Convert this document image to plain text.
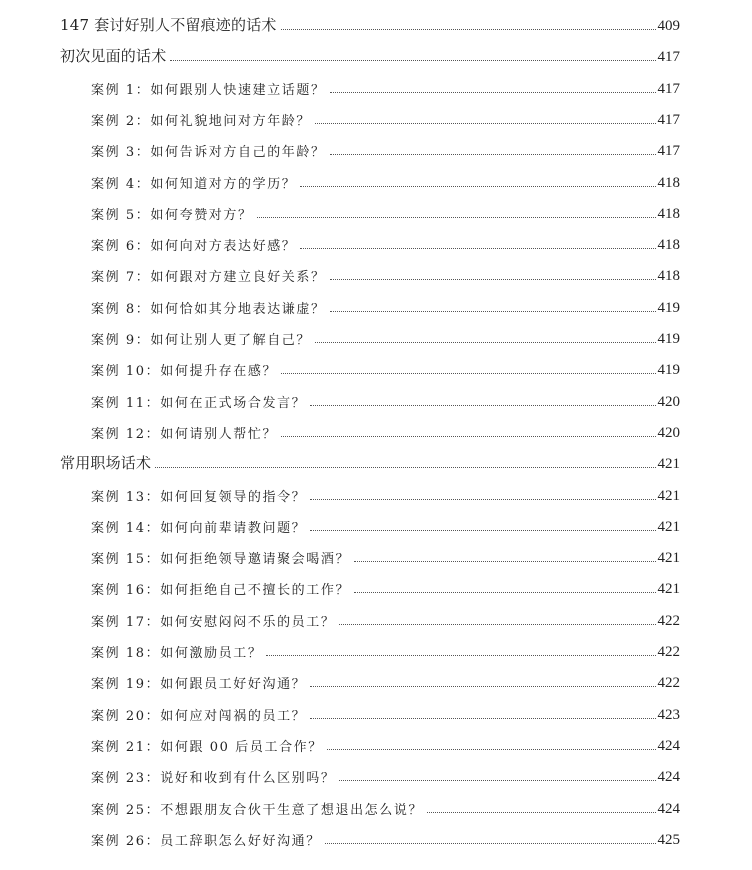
147 套讨好别人不留痕迹的话术	409
初次见面的话术	417
案例 1：如何跟别人快速建立话题？	417
案例 2：如何礼貌地问对方年龄？	417
案例 3：如何告诉对方自己的年龄？	417
案例 4：如何知道对方的学历？	418
案例 5：如何夸赞对方？	418
案例 6：如何向对方表达好感？	418
案例 7：如何跟对方建立良好关系？	418
案例 8：如何恰如其分地表达谦虚？	419
案例 9：如何让别人更了解自己？	419
案例 10：如何提升存在感？	419
案例 11：如何在正式场合发言？	420
案例 12：如何请别人帮忙？	420
常用职场话术	421
案例 13：如何回复领导的指令？	421
案例 14：如何向前辈请教问题？	421
案例 15：如何拒绝领导邀请聚会喝酒？	421
案例 16：如何拒绝自己不擅长的工作？	421
案例 17：如何安慰闷闷不乐的员工？	422
案例 18：如何激励员工？	422
案例 19：如何跟员工好好沟通？	422
案例 20：如何应对闯祸的员工？	423
案例 21：如何跟 00 后员工合作？	424
案例 23：说好和收到有什么区别吗？	424
案例 25：不想跟朋友合伙干生意了想退出怎么说？	424
案例 26：员工辞职怎么好好沟通？	425
